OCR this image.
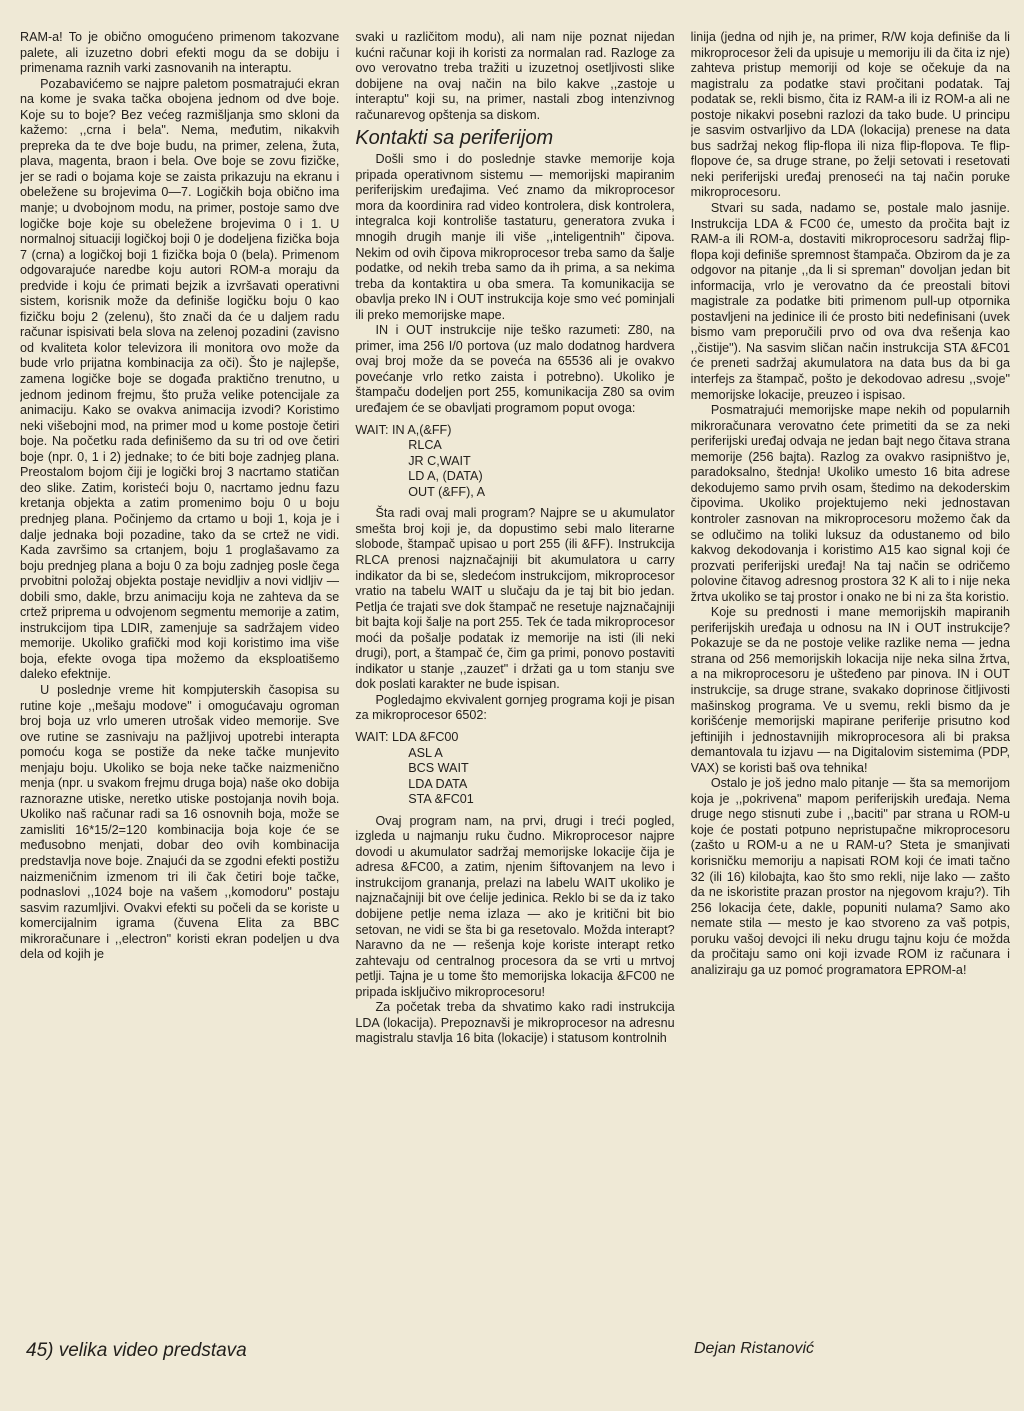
RAM-a! To je obično omogućeno primenom takozvane palete, ali izuzetno dobri efekti mogu da se dobiju i primenama raznih varki zasnovanih na interaptu.

Pozabavićemo se najpre paletom posmatrajući ekran na kome je svaka tačka obojena jednom od dve boje. Koje su to boje? Bez većeg razmišljanja smo skloni da kažemo: ,,crna i bela". Nema, međutim, nikakvih prepreka da te dve boje budu, na primer, zelena, žuta, plava, magenta, braon i bela. Ove boje se zovu fizičke, jer se radi o bojama koje se zaista prikazuju na ekranu i obeležene su brojevima 0—7. Logičkih boja obično ima manje; u dvobojnom modu, na primer, postoje samo dve logičke boje koje su obeležene brojevima 0 i 1. U normalnoj situaciji logičkoj boji 0 je dodeljena fizička boja 7 (crna) a logičkoj boji 1 fizička boja 0 (bela). Primenom odgovarajuće naredbe koju autori ROM-a moraju da predvide i koju će primati bejzik a izvršavati operativni sistem, korisnik može da definiše logičku boju 0 kao fizičku boju 2 (zelenu), što znači da će u daljem radu računar ispisivati bela slova na zelenoj pozadini (zavisno od kvaliteta kolor televizora ili monitora ovo može da bude vrlo prijatna kombinacija za oči). Što je najlepše, zamena logičke boje se događa praktično trenutno, u jednom jedinom frejmu, što pruža velike potencijale za animaciju. Kako se ovakva animacija izvodi? Koristimo neki višebojni mod, na primer mod u kome postoje četiri boje. Na početku rada definišemo da su tri od ove četiri boje (npr. 0, 1 i 2) jednake; to će biti boje zadnjeg plana. Preostalom bojom čiji je logički broj 3 nacrtamo statičan deo slike. Zatim, koristeći boju 0, nacrtamo jednu fazu kretanja objekta a zatim promenimo boju 0 u boju prednjeg plana. Počinjemo da crtamo u boji 1, koja je i dalje jednaka boji pozadine, tako da se crtež ne vidi. Kada završimo sa crtanjem, boju 1 proglašavamo za boju prednjeg plana a boju 0 za boju zadnjeg posle čega prvobitni položaj objekta postaje nevidljiv a novi vidljiv — dobili smo, dakle, brzu animaciju koja ne zahteva da se crtež pripremа u odvojenom segmentu memorije a zatim, instrukcijom tipa LDIR, zamenjuje sa sadržajem video memorije. Ukoliko grafički mod koji koristimo ima više boja, efekte ovoga tipa možemo da eksploatišemo daleko efektnije.

U poslednje vreme hit kompjuterskih časopisa su rutine koje ,,mešaju modove" i omogućavaju ogroman broj boja uz vrlo umeren utrošak video memorije. Sve ove rutine se zasnivaju na pažljivoj upotrebi interapta pomoću koga se postiže da neke tačke munjevito menjaju boju. Ukoliko se boja neke tačke naizmenično menja (npr. u svakom frejmu druga boja) naše oko dobija raznorazne utiske, neretko utiske postojanja novih boja. Ukoliko naš računar radi sa 16 osnovnih boja, može se zamisliti 16*15/2=120 kombinacija boja koje će se međusobno menjati, dobar deo ovih kombinacija predstavlja nove boje. Znajući da se zgodni efekti postižu naizmeničnim izmenom tri ili čak četiri boje tačke, podnaslovi ,,1024 boje na vašem ,,komodoru" postaju sasvim razumljivi. Ovakvi efekti su počeli da se koriste u komercijalnim igrama (čuvena Elita za BBC mikroračunare i ,,electron" koristi ekran podeljen u dva dela od kojih je

svaki u različitom modu), ali nam nije poznat nijedan kućni računar koji ih koristi za normalan rad. Razloge za ovo verovatno treba tražiti u izuzetnoj osetljivosti slike dobijene na ovaj način na bilo kakve ,,zastoje u interaptu" koji su, na primer, nastali zbog intenzivnog računarevog opštenja sa diskom.

Kontakti sa periferijom

Došli smo i do poslednje stavke memorije koja pripada operativnom sistemu — memorijski mapiranim periferijskim uređajima. Već znamo da mikroprocesor mora da koordinira rad video kontrolera, disk kontrolera, integralca koji kontroliše tastaturu, generatora zvuka i mnogih drugih manje ili više ,,inteligentnih" čipova. Nekim od ovih čipova mikroprocesor treba samo da šalje podatke, od nekih treba samo da ih prima, a sa nekima treba da kontaktira u oba smera. Ta komunikacija se obavlja preko IN i OUT instrukcija koje smo već pominjali ili preko memorijske mape.

IN i OUT instrukcije nije teško razumeti: Z80, na primer, ima 256 I/0 portova (uz malo dodatnog hardvera ovaj broj može da se poveća na 65536 ali je ovakvo povećanje vrlo retko zaista i potrebno). Ukoliko je štampaču dodeljen port 255, komunikacija Z80 sa ovim uređajem će se obavljati programom poput ovoga:

WAIT: IN A,(&FF)
RLCA
JR C,WAIT
LD A, (DATA)
OUT (&FF), A

Šta radi ovaj mali program? Najpre se u akumulator smešta broj koji je, da dopustimo sebi malo literarne slobode, štampač upisao u port 255 (ili &FF). Instrukcija RLCA prenosi najznačajniji bit akumulatora u carry indikator da bi se, sledećom instrukcijom, mikroprocesor vratio na tabelu WAIT u slučaju da je taj bit bio jedan. Petlja će trajati sve dok štampač ne resetuje najznačajniji bit bajta koji šalje na port 255. Tek će tada mikroprocesor moći da pošalje podatak iz memorije na isti (ili neki drugi), port, a štampač će, čim ga primi, ponovo postaviti indikator u stanje ,,zauzet" i držati ga u tom stanju sve dok poslati karakter ne bude ispisan.

Pogledajmo ekvivalent gornjeg programa koji je pisan za mikroprocesor 6502:

WAIT: LDA &FC00
ASL A
BCS WAIT
LDA DATA
STA &FC01

Ovaj program nam, na prvi, drugi i treći pogled, izgleda u najmanju ruku čudno. Mikroprocesor najpre dovodi u akumulator sadržaj memorijske lokacije čija je adresa &FC00, a zatim, njenim šiftovanjem na levo i instrukcijom grananja, prelazi na labelu WAIT ukoliko je najznačajniji bit ove ćelije jedinica. Reklo bi se da iz tako dobijene petlje nema izlaza — ako je kritični bit bio setovan, ne vidi se šta bi ga resetovalo. Možda interapt? Naravno da ne — rešenja koje koriste interapt retko zahtevaju od centralnog procesora da se vrti u mrtvoj petlji. Tajna je u tome što memorijska lokacija &FC00 ne pripada isključivo mikroprocesoru!

Za početak treba da shvatimo kako radi instrukcija LDA (lokacija). Prepoznavši je mikroprocesor na adresnu magistralu stavlja 16 bita (lokacije) i statusom kontrolnih

linija (jedna od njih je, na primer, R/W koja definiše da li mikroprocesor želi da upisuje u memoriju ili da čita iz nje) zahteva pristup memoriji od koje se očekuje da na magistralu za podatke stavi pročitani podatak. Taj podatak se, rekli bismo, čita iz RAM-a ili iz ROM-a ali ne postoje nikakvi posebni razlozi da tako bude. U principu je sasvim ostvarljivo da LDA (lokacija) prenese na data bus sadržaj nekog flip-flopa ili niza flip-flopova. Te flip-flopove će, sa druge strane, po želji setovati i resetovati neki periferijski uređaj prenoseći na taj način poruke mikroprocesoru.

Stvari su sada, nadamo se, postale malo jasnije. Instrukcija LDA & FC00 će, umesto da pročita bajt iz RAM-a ili ROM-a, dostaviti mikroprocesoru sadržaj flip-flopa koji definiše spremnost štampača. Obzirom da je za odgovor na pitanje ,,da li si spreman" dovoljan jedan bit informacija, vrlo je verovatno da će preostali bitovi magistrale za podatke biti primenom pull-up otpornika postavljeni na jedinice ili će prosto biti nedefinisani (uvek bismo vam preporučili prvo od ova dva rešenja kao ,,čistije"). Na sasvim sličan način instrukcija STA &FC01 će preneti sadržaj akumulatora na data bus da bi ga interfejs za štampač, pošto je dekodovao adresu ,,svoje" memorijske lokacije, preuzeo i ispisao.

Posmatrajući memorijske mape nekih od popularnih mikroračunara verovatno ćete primetiti da se za neki periferijski uređaj odvaja ne jedan bajt nego čitava strana memorije (256 bajta). Razlog za ovakvo rasipništvo je, paradoksalno, štednja! Ukoliko umesto 16 bita adrese dekodujemo samo prvih osam, štedimo na dekoderskim čipovima. Ukoliko projektujemo neki jednostavan kontroler zasnovan na mikroprocesoru možemo čak da se odlučimo na toliki luksuz da odustanemo od bilo kakvog dekodovanja i koristimo A15 kao signal koji će prozvati periferijski uređaj! Na taj način se odričemo polovine čitavog adresnog prostora 32 K ali to i nije neka žrtva ukoliko se taj prostor i onako ne bi ni za šta koristio.

Koje su prednosti i mane memorijskih mapiranih periferijskih uređaja u odnosu na IN i OUT instrukcije? Pokazuje se da ne postoje velike razlike nema — jedna strana od 256 memorijskih lokacija nije neka silna žrtva, a na mikroprocesoru je ušteđeno par pinova. IN i OUT instrukcije, sa druge strane, svakako doprinose čitljivosti mašinskog programa. Ve u svemu, rekli bismo da je korišćenje memorijski mapirane periferije prisutno kod jeftinijih i jednostavnijih mikroprocesora ali bi praksa demantovala tu izjavu — na Digitalovim sistemima (PDP, VAX) se koristi baš ova tehnika!

Ostalo je još jedno malo pitanje — šta sa memorijom koja je ,,pokrivena" mapom periferijskih uređaja. Nema druge nego stisnuti zube i ,,baciti" par strana u ROM-u koje će postati potpuno nepristupačne mikroprocesoru (zašto u ROM-u a ne u RAM-u? Steta je smanjivati korisničku memoriju a napisati ROM koji će imati tačno 32 (ili 16) kilobajta, kao što smo rekli, nije lako — zašto da ne iskoristite prazan prostor na njegovom kraju?). Tih 256 lokacija ćete, dakle, popuniti nulama? Samo ako nemate stila — mesto je kao stvoreno za vaš potpis, poruku vašoj devojci ili neku drugu tajnu koju će možda da pročitaju samo oni koji izvade ROM iz računara i analiziraju ga uz pomoć programatora EPROM-a!

45) velika video predstava	Dejan Ristanović
